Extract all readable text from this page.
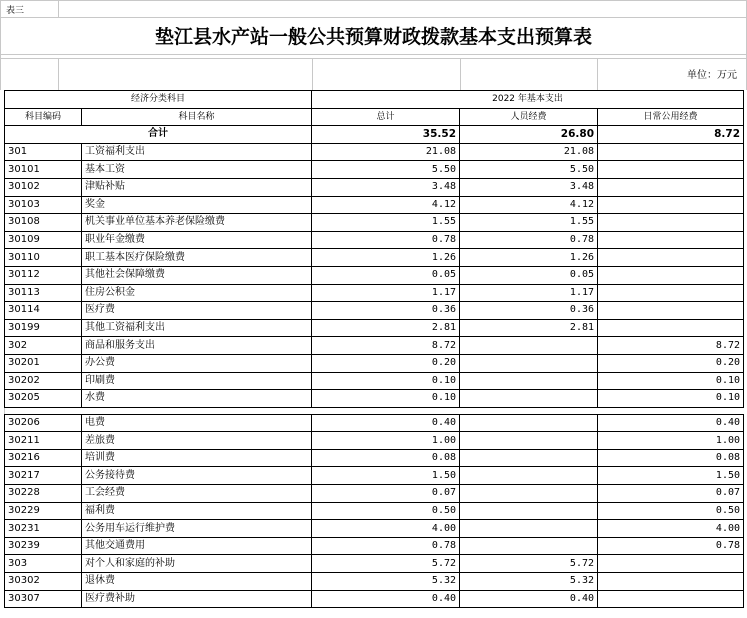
表三
垫江县水产站一般公共预算财政拨款基本支出预算表
单位：万元
经济分类科目		2022 年基本支出		
科目编码	科目名称	总计	人员经费	日常公用经费
合计		35.52	26.80	8.72
301	工资福利支出	21.08	21.08	
30101	基本工资	5.50	5.50	
30102	津贴补贴	3.48	3.48	
30103	奖金	4.12	4.12	
30108	机关事业单位基本养老保险缴费	1.55	1.55	
30109	职业年金缴费	0.78	0.78	
30110	职工基本医疗保险缴费	1.26	1.26	
30112	其他社会保障缴费	0.05	0.05	
30113	住房公积金	1.17	1.17	
30114	医疗费	0.36	0.36	
30199	其他工资福利支出	2.81	2.81	
302	商品和服务支出	8.72		8.72
30201	办公费	0.20		0.20
30202	印刷费	0.10		0.10
30205	水费	0.10		0.10

30206	电费	0.40		0.40
30211	差旅费	1.00		1.00
30216	培训费	0.08		0.08
30217	公务接待费	1.50		1.50
30228	工会经费	0.07		0.07
30229	福利费	0.50		0.50
30231	公务用车运行维护费	4.00		4.00
30239	其他交通费用	0.78		0.78
303	对个人和家庭的补助	5.72	5.72	
30302	退休费	5.32	5.32	
30307	医疗费补助	0.40	0.40	
